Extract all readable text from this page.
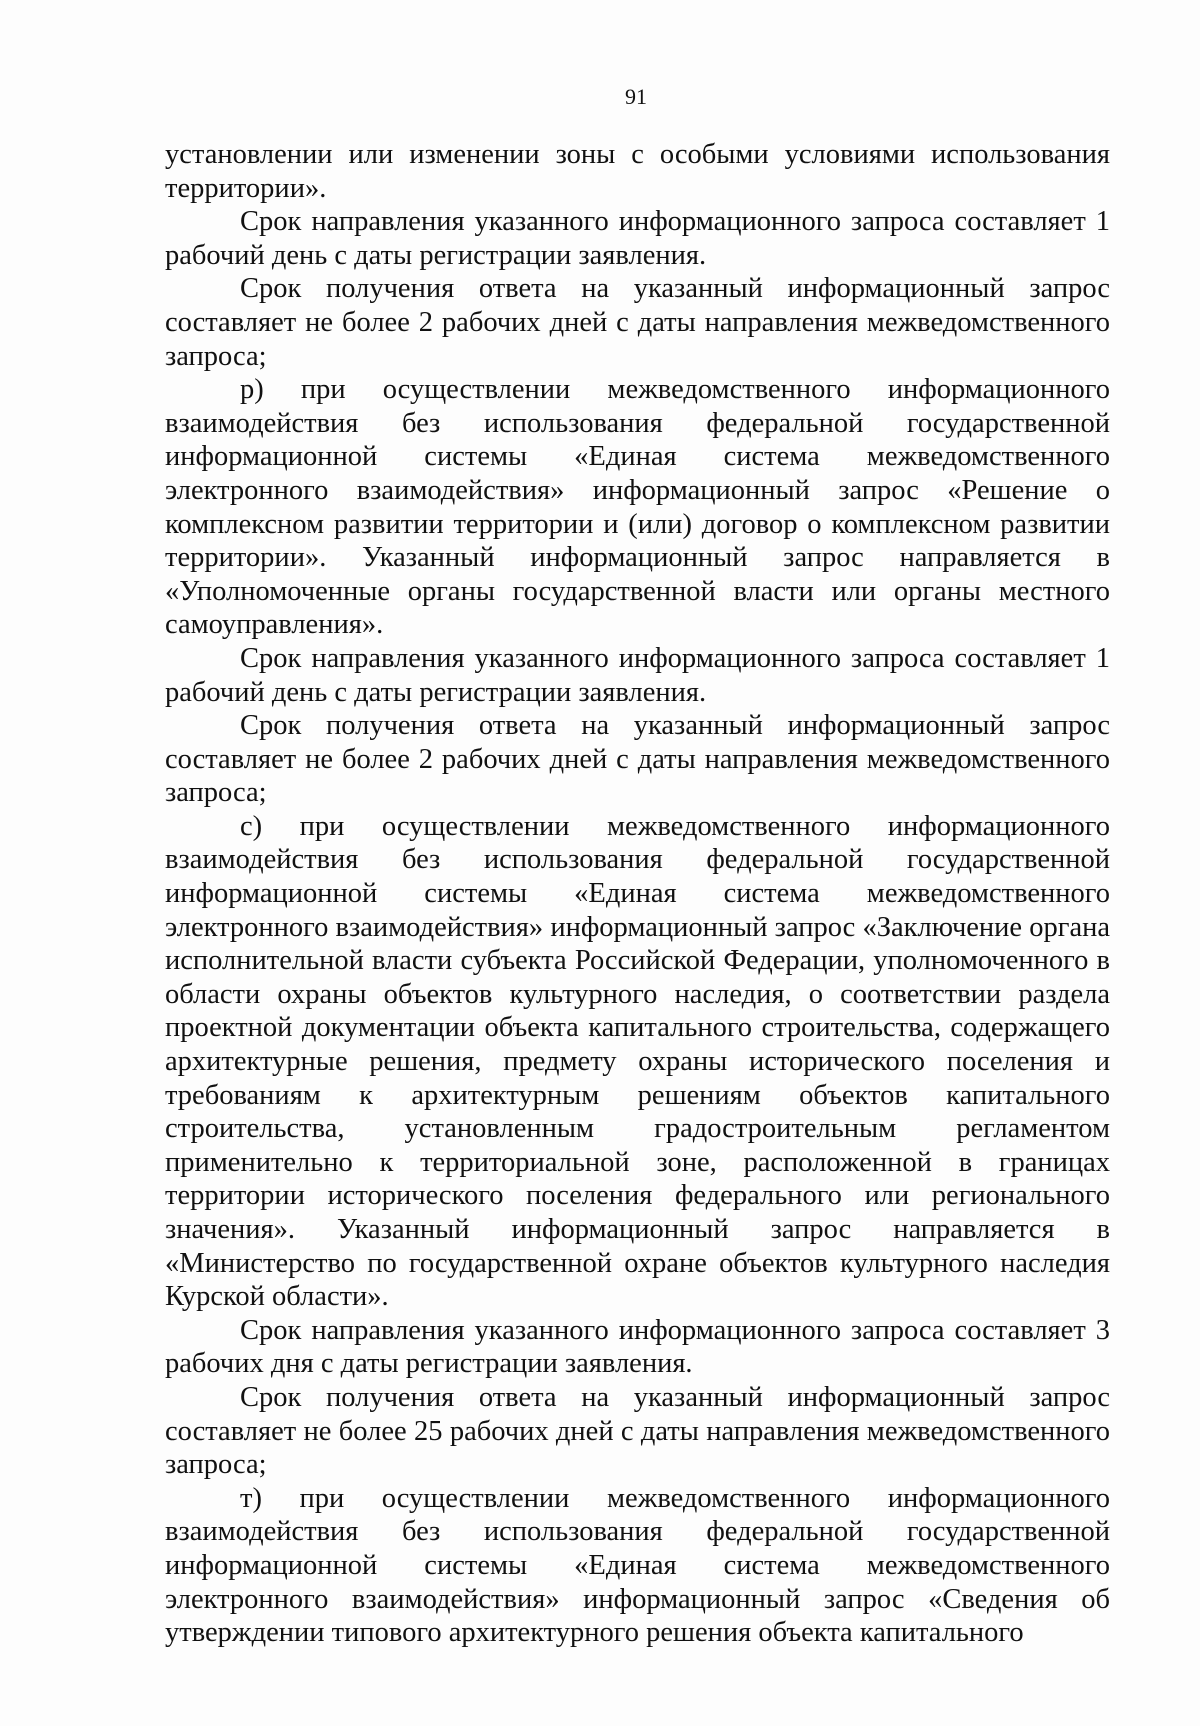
91

установлении или изменении зоны с особыми условиями использования территории».

Срок направления указанного информационного запроса составляет 1 рабочий день с даты регистрации заявления.

Срок получения ответа на указанный информационный запрос составляет не более 2 рабочих дней с даты направления межведомственного запроса;

р) при осуществлении межведомственного информационного взаимодействия без использования федеральной государственной информационной системы «Единая система межведомственного электронного взаимодействия» информационный запрос «Решение о комплексном развитии территории и (или) договор о комплексном развитии территории». Указанный информационный запрос направляется в «Уполномоченные органы государственной власти или органы местного самоуправления».

Срок направления указанного информационного запроса составляет 1 рабочий день с даты регистрации заявления.

Срок получения ответа на указанный информационный запрос составляет не более 2 рабочих дней с даты направления межведомственного запроса;

с) при осуществлении межведомственного информационного взаимодействия без использования федеральной государственной информационной системы «Единая система межведомственного электронного взаимодействия» информационный запрос «Заключение органа исполнительной власти субъекта Российской Федерации, уполномоченного в области охраны объектов культурного наследия, о соответствии раздела проектной документации объекта капитального строительства, содержащего архитектурные решения, предмету охраны исторического поселения и требованиям к архитектурным решениям объектов капитального строительства, установленным градостроительным регламентом применительно к территориальной зоне, расположенной в границах территории исторического поселения федерального или регионального значения». Указанный информационный запрос направляется в «Министерство по государственной охране объектов культурного наследия Курской области».

Срок направления указанного информационного запроса составляет 3 рабочих дня с даты регистрации заявления.

Срок получения ответа на указанный информационный запрос составляет не более 25 рабочих дней с даты направления межведомственного запроса;

т) при осуществлении межведомственного информационного взаимодействия без использования федеральной государственной информационной системы «Единая система межведомственного электронного взаимодействия» информационный запрос «Сведения об утверждении типового архитектурного решения объекта капитального
